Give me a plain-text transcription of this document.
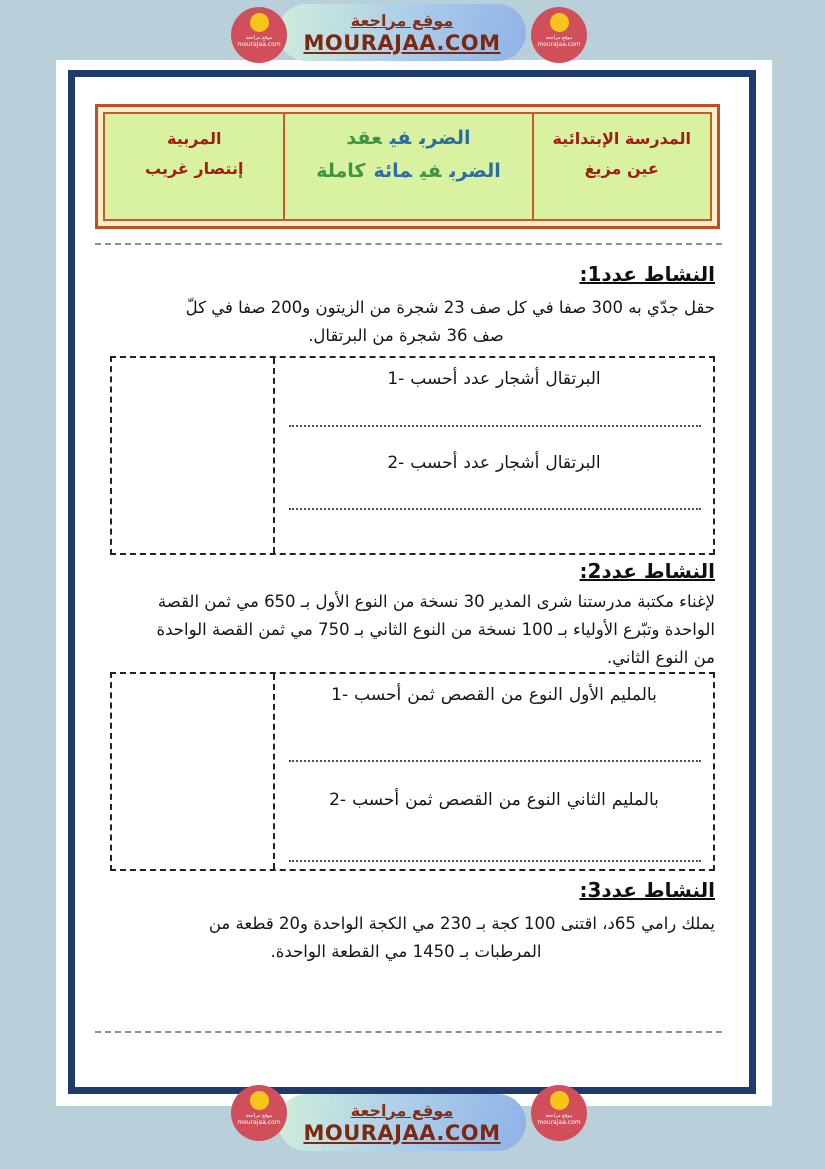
موقع مراجعة
MOURAJAA.COM
موقع مراجعة
mourajaa.com
موقع مراجعة
mourajaa.com
المربية
إنتصار غريب
الضربفيعقد
الضربفيمائةكاملة
المدرسة الإبتدائية
عين مزيغ
النشاط عدد1:
حقل جدّي به 300 صفا في كل صف 23 شجرة من الزيتون و200 صفا في كلّ
صف 36 شجرة من البرتقال.
1- أحسب عدد أشجار البرتقال
2- أحسب عدد أشجار البرتقال
النشاط عدد2:
لإغناء مكتبة مدرستنا شرى المدير 30 نسخة من النوع الأول بـ 650 مي ثمن القصة
الواحدة وتبّرع الأولياء بـ 100 نسخة من النوع الثاني بـ 750 مي ثمن القصة الواحدة
من النوع الثاني.
1- أحسب ثمن القصص من النوع الأول بالمليم
2- أحسب ثمن القصص من النوع الثاني بالمليم
النشاط عدد3:
يملك رامي 65د، اقتنى 100 كجة بـ 230 مي الكجة الواحدة و20 قطعة من
المرطبات بـ 1450 مي القطعة الواحدة.
موقع مراجعة
MOURAJAA.COM
موقع مراجعة
mourajaa.com
موقع مراجعة
mourajaa.com
